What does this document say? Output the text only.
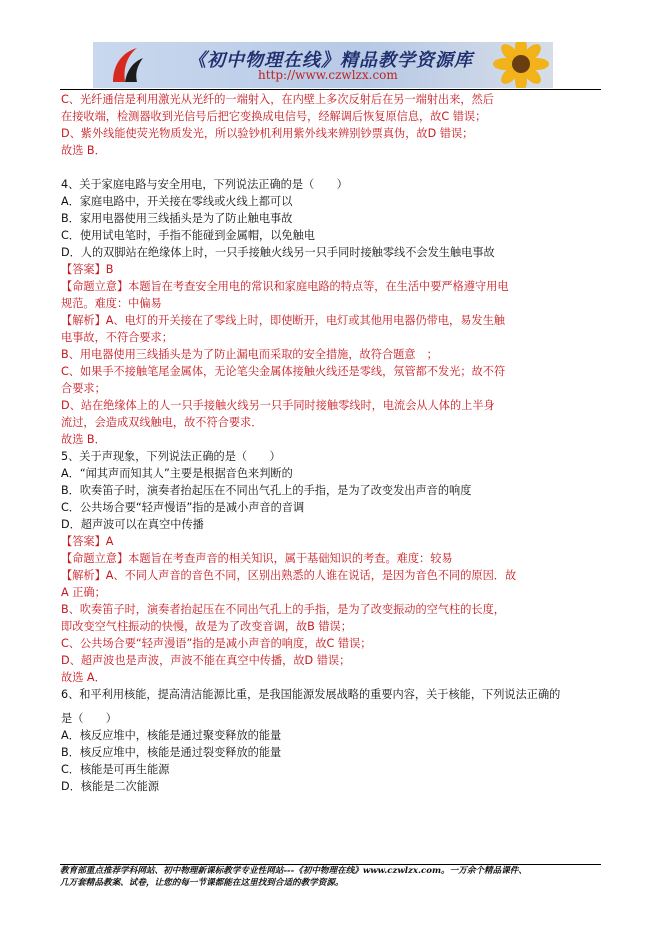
《初中物理在线》精品教学资源库
http://www.czwlzx.com
C、光纤通信是利用激光从光纤的一端射入，在内壁上多次反射后在另一端射出来，然后
在接收端，检测器收到光信号后把它变换成电信号，经解调后恢复原信息，故C 错误；
D、紫外线能使荧光物质发光，所以验钞机利用紫外线来辨别钞票真伪，故D 错误；
故选 B．
4、关于家庭电路与安全用电，下列说法正确的是（　　）
A．家庭电路中，开关接在零线或火线上都可以
B．家用电器使用三线插头是为了防止触电事故
C．使用试电笔时，手指不能碰到金属帽，以免触电
D．人的双脚站在绝缘体上时，一只手接触火线另一只手同时接触零线不会发生触电事故
【答案】B
【命题立意】本题旨在考查安全用电的常识和家庭电路的特点等，在生活中要严格遵守用电
规范。难度：中偏易
【解析】A、电灯的开关接在了零线上时，即使断开，电灯或其他用电器仍带电，易发生触
电事故，不符合要求；
B、用电器使用三线插头是为了防止漏电而采取的安全措施，故符合题意　；
C、如果手不接触笔尾金属体，无论笔尖金属体接触火线还是零线，氖管都不发光；故不符
合要求；
D、站在绝缘体上的人一只手接触火线另一只手同时接触零线时，电流会从人体的上半身
流过，会造成双线触电，故不符合要求．
故选 B．
5、关于声现象，下列说法正确的是（　　）
A．“闻其声而知其人”主要是根据音色来判断的
B．吹奏笛子时，演奏者抬起压在不同出气孔上的手指，是为了改变发出声音的响度
C．公共场合要“轻声慢语”指的是减小声音的音调
D．超声波可以在真空中传播
【答案】A
【命题立意】本题旨在考查声音的相关知识，属于基础知识的考查。难度：较易
【解析】A、不同人声音的音色不同，区别出熟悉的人谁在说话，是因为音色不同的原因．故
A 正确；
B、吹奏笛子时，演奏者抬起压在不同出气孔上的手指，是为了改变振动的空气柱的长度，
即改变空气柱振动的快慢，故是为了改变音调，故B 错误；
C、公共场合要“轻声漫语”指的是减小声音的响度，故C 错误；
D、超声波也是声波，声波不能在真空中传播，故D 错误；
故选 A．
6、和平利用核能，提高清洁能源比重，是我国能源发展战略的重要内容，关于核能，下列说法正确的
是（　　）
A．核反应堆中，核能是通过聚变释放的能量
B．核反应堆中，核能是通过裂变释放的能量
C．核能是可再生能源
D．核能是二次能源
教育部重点推荐学科网站、初中物理新课标教学专业性网站---《初中物理在线》www.czwlzx.com。一万余个精品课件、
几万套精品教案、试卷，让您的每一节课都能在这里找到合适的教学资源。
